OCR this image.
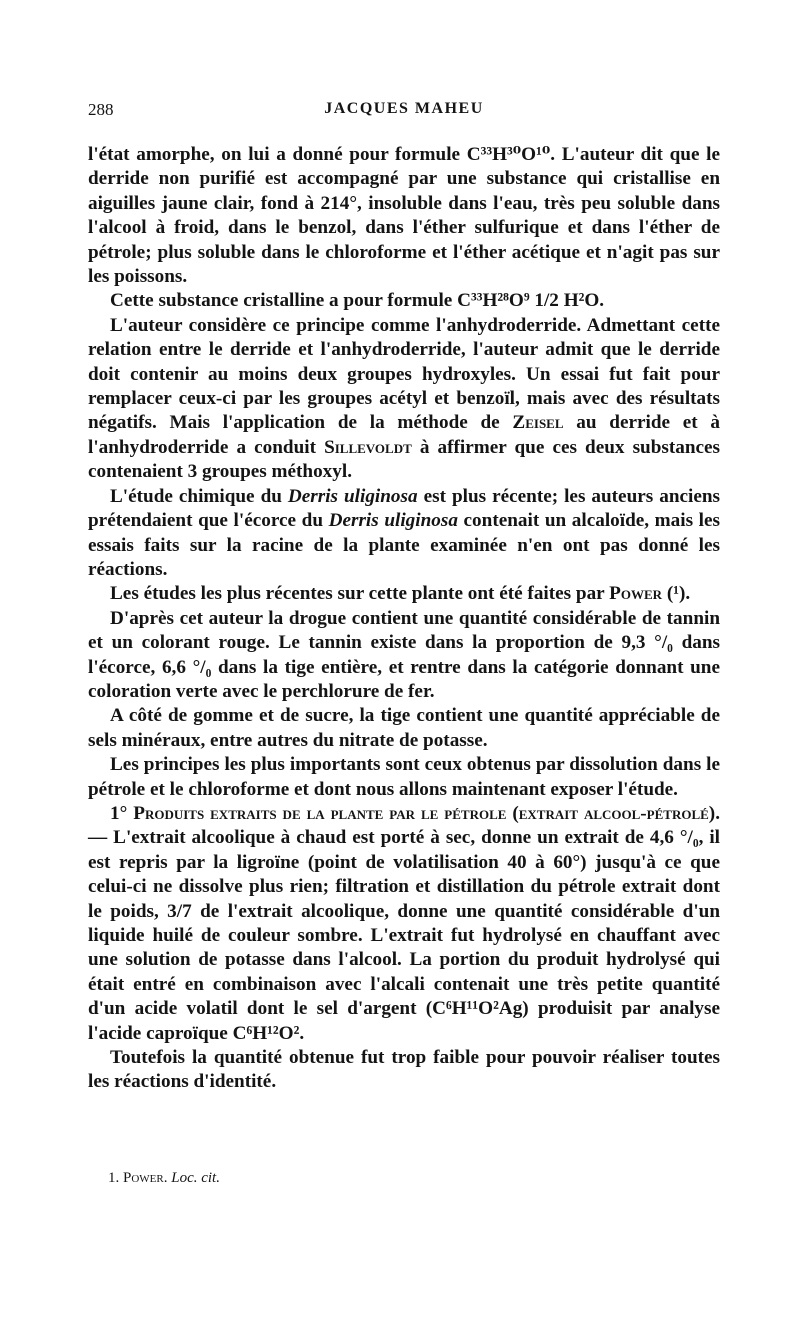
288	JACQUES MAHEU

l'état amorphe, on lui a donné pour formule C³³H³⁰O¹⁰. L'auteur dit que le derride non purifié est accompagné par une substance qui cristallise en aiguilles jaune clair, fond à 214°, insoluble dans l'eau, très peu soluble dans l'alcool à froid, dans le benzol, dans l'éther sulfurique et dans l'éther de pétrole; plus soluble dans le chloroforme et l'éther acétique et n'agit pas sur les poissons.

Cette substance cristalline a pour formule C³³H²⁸O⁹ 1/2 H²O.

L'auteur considère ce principe comme l'anhydroderride. Admettant cette relation entre le derride et l'anhydroderride, l'auteur admit que le derride doit contenir au moins deux groupes hydroxyles. Un essai fut fait pour remplacer ceux-ci par les groupes acétyl et benzoïl, mais avec des résultats négatifs. Mais l'application de la méthode de Zeisel au derride et à l'anhydroderride a conduit Sillevoldt à affirmer que ces deux substances contenaient 3 groupes méthoxyl.

L'étude chimique du Derris uliginosa est plus récente; les auteurs anciens prétendaient que l'écorce du Derris uliginosa contenait un alcaloïde, mais les essais faits sur la racine de la plante examinée n'en ont pas donné les réactions.

Les études les plus récentes sur cette plante ont été faites par Power (¹).

D'après cet auteur la drogue contient une quantité considérable de tannin et un colorant rouge. Le tannin existe dans la proportion de 9,3 °/₀ dans l'écorce, 6,6 °/₀ dans la tige entière, et rentre dans la catégorie donnant une coloration verte avec le perchlorure de fer.

A côté de gomme et de sucre, la tige contient une quantité appréciable de sels minéraux, entre autres du nitrate de potasse.

Les principes les plus importants sont ceux obtenus par dissolution dans le pétrole et le chloroforme et dont nous allons maintenant exposer l'étude.

1° Produits extraits de la plante par le pétrole (extrait alcool-pétrolé). — L'extrait alcoolique à chaud est porté à sec, donne un extrait de 4,6 °/₀, il est repris par la ligroïne (point de volatilisation 40 à 60°) jusqu'à ce que celui-ci ne dissolve plus rien; filtration et distillation du pétrole extrait dont le poids, 3/7 de l'extrait alcoolique, donne une quantité considérable d'un liquide huilé de couleur sombre. L'extrait fut hydrolysé en chauffant avec une solution de potasse dans l'alcool. La portion du produit hydrolysé qui était entré en combinaison avec l'alcali contenait une très petite quantité d'un acide volatil dont le sel d'argent (C⁶H¹¹O²Ag) produisit par analyse l'acide caproïque C⁶H¹²O².

Toutefois la quantité obtenue fut trop faible pour pouvoir réaliser toutes les réactions d'identité.

1. Power. Loc. cit.
